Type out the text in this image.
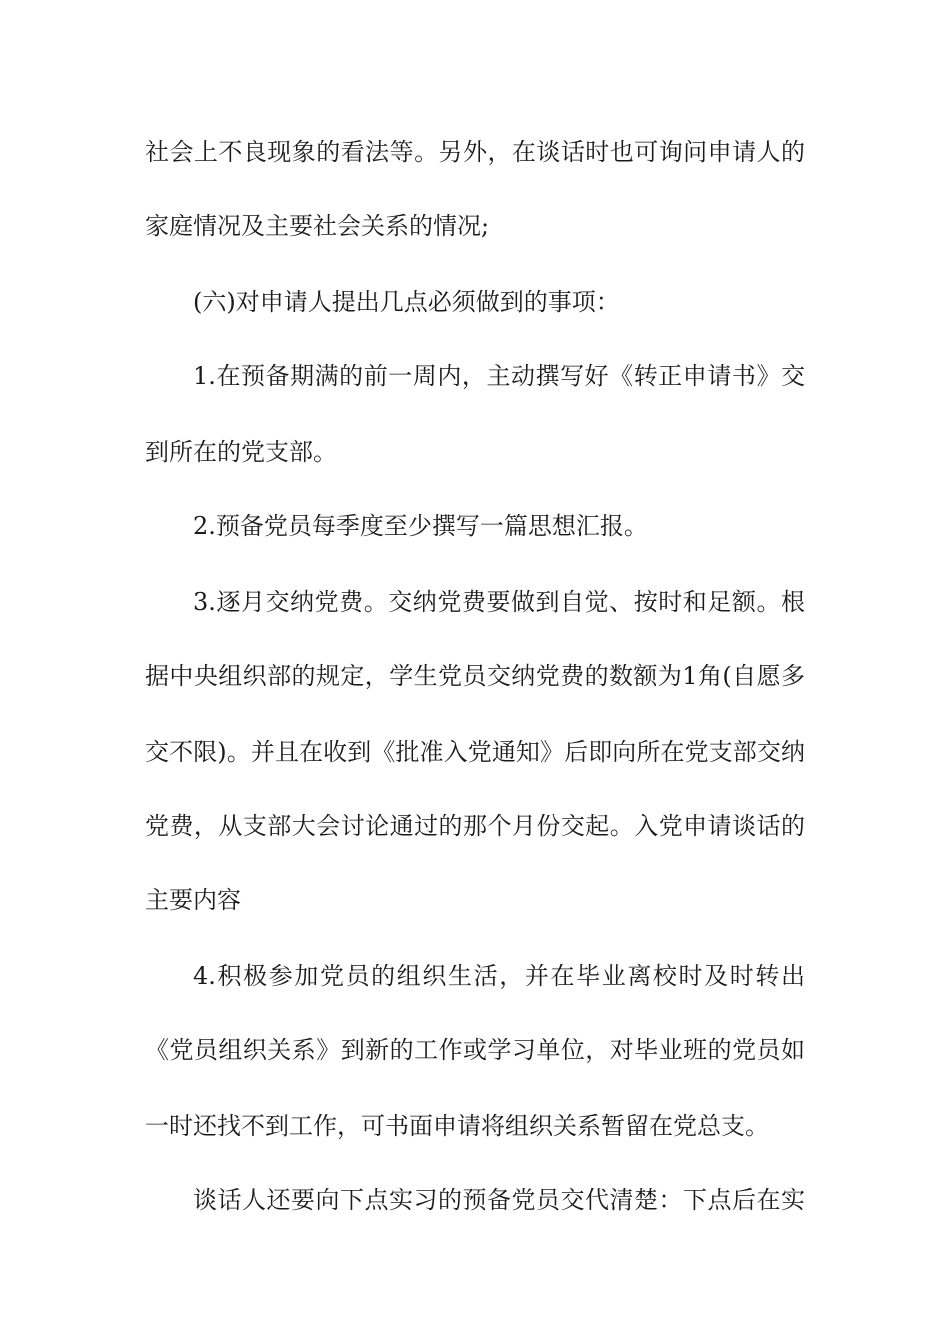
社会上不良现象的看法等。另外，在谈话时也可询问申请人的
家庭情况及主要社会关系的情况;
(六)对申请人提出几点必须做到的事项：
1.在预备期满的前一周内，主动撰写好《转正申请书》交
到所在的党支部。
2.预备党员每季度至少撰写一篇思想汇报。
3.逐月交纳党费。交纳党费要做到自觉、按时和足额。根
据中央组织部的规定，学生党员交纳党费的数额为1角(自愿多
交不限)。并且在收到《批准入党通知》后即向所在党支部交纳
党费，从支部大会讨论通过的那个月份交起。入党申请谈话的
主要内容
4.积极参加党员的组织生活，并在毕业离校时及时转出
《党员组织关系》到新的工作或学习单位，对毕业班的党员如
一时还找不到工作，可书面申请将组织关系暂留在党总支。
谈话人还要向下点实习的预备党员交代清楚：下点后在实
